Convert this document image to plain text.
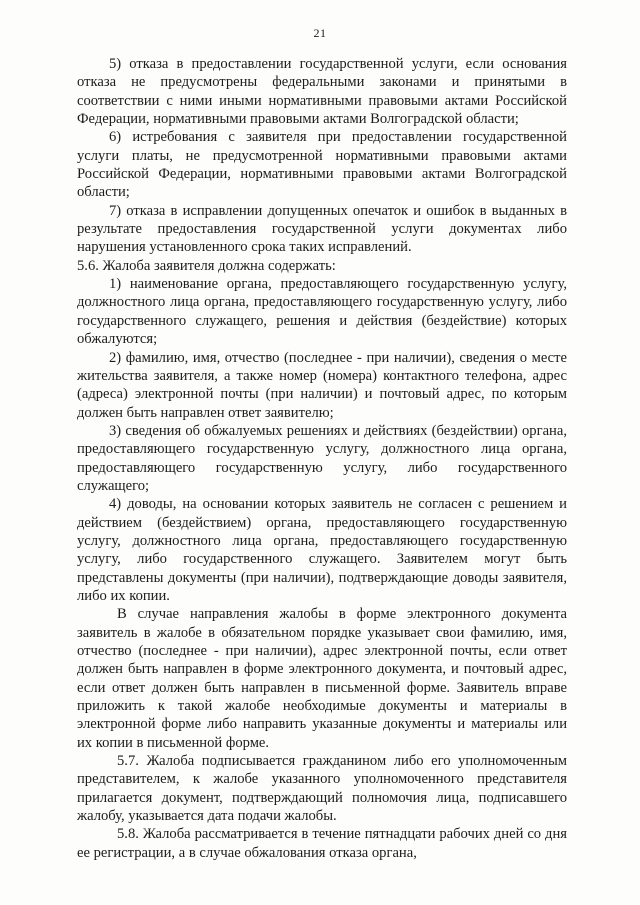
21

5) отказа в предоставлении государственной услуги, если основания отказа не предусмотрены федеральными законами и принятыми в соответствии с ними иными нормативными правовыми актами Российской Федерации, нормативными правовыми актами Волгоградской области;

6) истребования с заявителя при предоставлении государственной услуги платы, не предусмотренной нормативными правовыми актами Российской Федерации, нормативными правовыми актами Волгоградской области;

7) отказа в исправлении допущенных опечаток и ошибок в выданных в результате предоставления государственной услуги документах либо нарушения установленного срока таких исправлений.

5.6. Жалоба заявителя должна содержать:

1) наименование органа, предоставляющего государственную услугу, должностного лица органа, предоставляющего государственную услугу, либо государственного служащего, решения и действия (бездействие) которых обжалуются;

2) фамилию, имя, отчество (последнее - при наличии), сведения о месте жительства заявителя, а также номер (номера) контактного телефона, адрес (адреса) электронной почты (при наличии) и почтовый адрес, по которым должен быть направлен ответ заявителю;

3) сведения об обжалуемых решениях и действиях (бездействии) органа, предоставляющего государственную услугу, должностного лица органа, предоставляющего государственную услугу, либо государственного служащего;

4) доводы, на основании которых заявитель не согласен с решением и действием (бездействием) органа, предоставляющего государственную услугу, должностного лица органа, предоставляющего государственную услугу, либо государственного служащего. Заявителем могут быть представлены документы (при наличии), подтверждающие доводы заявителя, либо их копии.

В случае направления жалобы в форме электронного документа заявитель в жалобе в обязательном порядке указывает свои фамилию, имя, отчество (последнее - при наличии), адрес электронной почты, если ответ должен быть направлен в форме электронного документа, и почтовый адрес, если ответ должен быть направлен в письменной форме. Заявитель вправе приложить к такой жалобе необходимые документы и материалы в электронной форме либо направить указанные документы и материалы или их копии в письменной форме.

5.7. Жалоба подписывается гражданином либо его уполномоченным представителем, к жалобе указанного уполномоченного представителя прилагается документ, подтверждающий полномочия лица, подписавшего жалобу, указывается дата подачи жалобы.

5.8. Жалоба рассматривается в течение пятнадцати рабочих дней со дня ее регистрации, а в случае обжалования отказа органа,
